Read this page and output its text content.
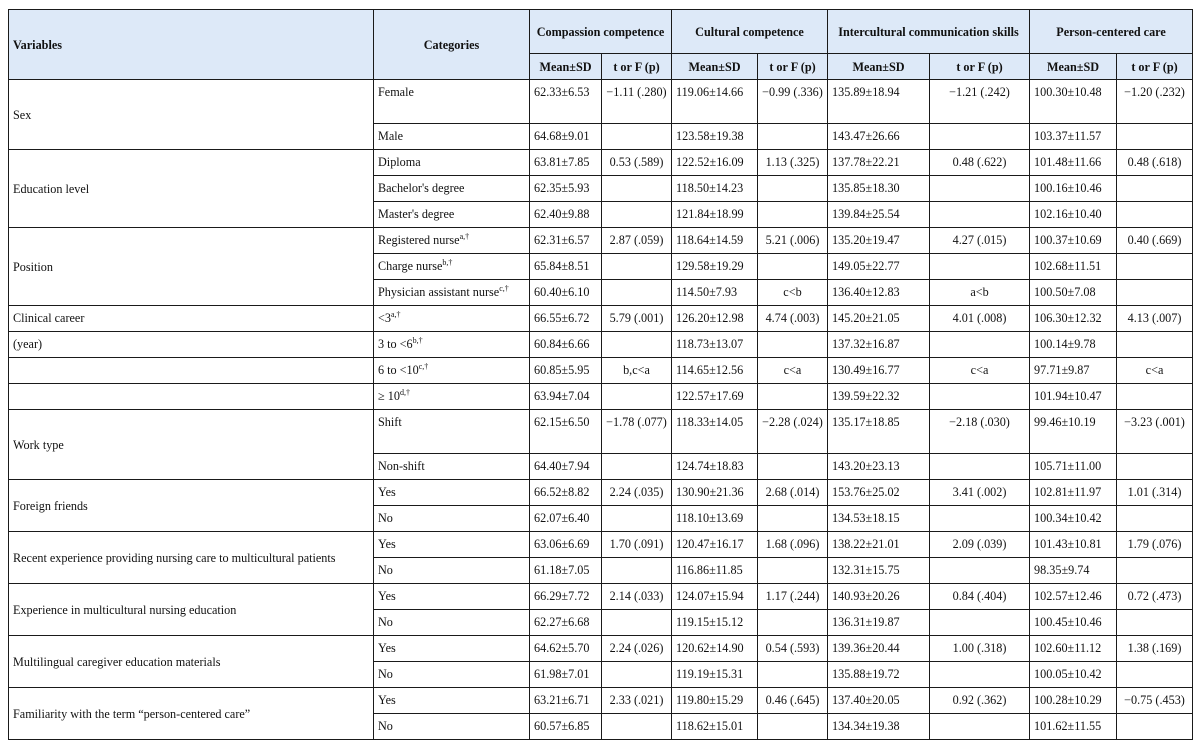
Variables	Categories	Compassion competence		Cultural competence		Intercultural communication skills		Person-centered care	
		Mean±SD	t or F (p)	Mean±SD	t or F (p)	Mean±SD	t or F (p)	Mean±SD	t or F (p)
Sex	Female	62.33±6.53	−1.11 (.280)	119.06±14.66	−0.99 (.336)	135.89±18.94	−1.21 (.242)	100.30±10.48	−1.20 (.232)
	Male	64.68±9.01		123.58±19.38		143.47±26.66		103.37±11.57	
Education level	Diploma	63.81±7.85	0.53 (.589)	122.52±16.09	1.13 (.325)	137.78±22.21	0.48 (.622)	101.48±11.66	0.48 (.618)
	Bachelor's degree	62.35±5.93		118.50±14.23		135.85±18.30		100.16±10.46	
	Master's degree	62.40±9.88		121.84±18.99		139.84±25.54		102.16±10.40	
Position	Registered nurse$^{a,\dagger}$	62.31±6.57	2.87 (.059)	118.64±14.59	5.21 (.006)	135.20±19.47	4.27 (.015)	100.37±10.69	0.40 (.669)
	Charge nurse$^{b,\dagger}$	65.84±8.51		129.58±19.29		149.05±22.77		102.68±11.51	
	Physician assistant nurse$^{c,\dagger}$	60.40±6.10		114.50±7.93	c<b	136.40±12.83	a<b	100.50±7.08	
Clinical career	$<3^{a,\dagger}$	66.55±6.72	5.79 (.001)	126.20±12.98	4.74 (.003)	145.20±21.05	4.01 (.008)	106.30±12.32	4.13 (.007)
(year)	3 to $<6^{b,\dagger}$	60.84±6.66		118.73±13.07		137.32±16.87		100.14±9.78	
	6 to $<10^{c,\dagger}$	60.85±5.95	b,c<a	114.65±12.56	c<a	130.49±16.77	c<a	97.71±9.87	c<a
	≥ $10^{d,\dagger}$	63.94±7.04		122.57±17.69		139.59±22.32		101.94±10.47	
Work type	Shift	62.15±6.50	−1.78 (.077)	118.33±14.05	−2.28 (.024)	135.17±18.85	−2.18 (.030)	99.46±10.19	−3.23 (.001)
	Non-shift	64.40±7.94		124.74±18.83		143.20±23.13		105.71±11.00	
Foreign friends	Yes	66.52±8.82	2.24 (.035)	130.90±21.36	2.68 (.014)	153.76±25.02	3.41 (.002)	102.81±11.97	1.01 (.314)
	No	62.07±6.40		118.10±13.69		134.53±18.15		100.34±10.42	
Recent experience providing nursing care to multicultural patients	Yes	63.06±6.69	1.70 (.091)	120.47±16.17	1.68 (.096)	138.22±21.01	2.09 (.039)	101.43±10.81	1.79 (.076)
	No	61.18±7.05		116.86±11.85		132.31±15.75		98.35±9.74	
Experience in multicultural nursing education	Yes	66.29±7.72	2.14 (.033)	124.07±15.94	1.17 (.244)	140.93±20.26	0.84 (.404)	102.57±12.46	0.72 (.473)
	No	62.27±6.68		119.15±15.12		136.31±19.87		100.45±10.46	
Multilingual caregiver education materials	Yes	64.62±5.70	2.24 (.026)	120.62±14.90	0.54 (.593)	139.36±20.44	1.00 (.318)	102.60±11.12	1.38 (.169)
	No	61.98±7.01		119.19±15.31		135.88±19.72		100.05±10.42	
Familiarity with the term “person-centered care”	Yes	63.21±6.71	2.33 (.021)	119.80±15.29	0.46 (.645)	137.40±20.05	0.92 (.362)	100.28±10.29	−0.75 (.453)
	No	60.57±6.85		118.62±15.01		134.34±19.38		101.62±11.55	
